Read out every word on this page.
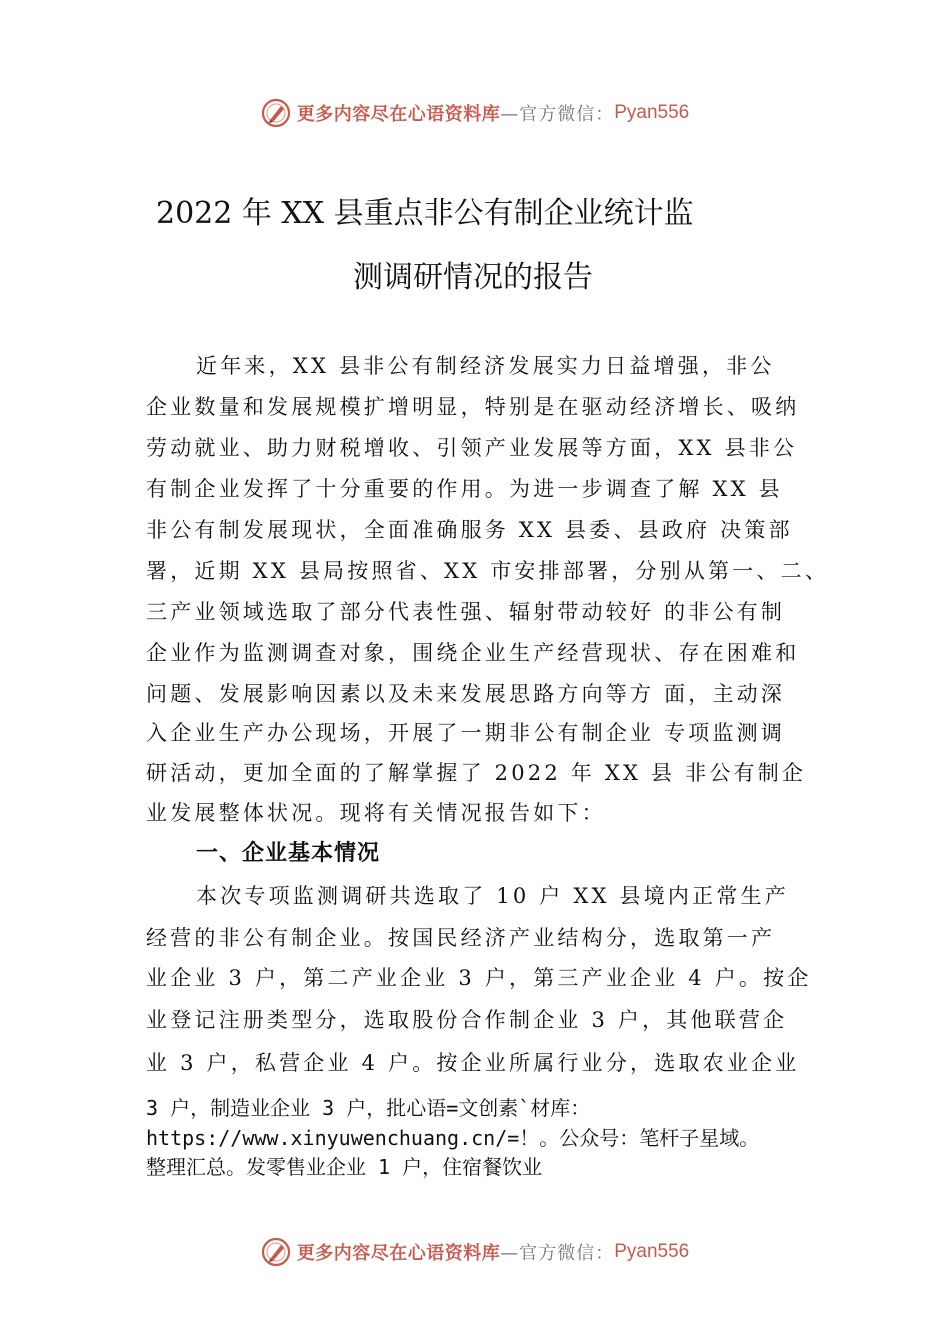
更多内容尽在心语资料库 —官方微信： Pyan556
2022 年 XX 县重点非公有制企业统计监
测调研情况的报告
近年来，XX 县非公有制经济发展实力日益增强，非公
企业数量和发展规模扩增明显，特别是在驱动经济增长、吸纳
劳动就业、助力财税增收、引领产业发展等方面，XX 县非公
有制企业发挥了十分重要的作用。为进一步调查了解 XX 县
非公有制发展现状，全面准确服务 XX 县委、县政府 决策部
署，近期 XX 县局按照省、XX 市安排部署，分别从第一、二、
三产业领域选取了部分代表性强、辐射带动较好 的非公有制
企业作为监测调查对象，围绕企业生产经营现状、存在困难和
问题、发展影响因素以及未来发展思路方向等方 面，主动深
入企业生产办公现场，开展了一期非公有制企业 专项监测调
研活动，更加全面的了解掌握了 2022 年 XX 县 非公有制企
业发展整体状况。现将有关情况报告如下：
一、企业基本情况
本次专项监测调研共选取了 10 户 XX 县境内正常生产
经营的非公有制企业。按国民经济产业结构分，选取第一产
业企业 3 户，第二产业企业 3 户，第三产业企业 4 户。按企
业登记注册类型分，选取股份合作制企业 3 户，其他联营企
业 3 户，私营企业 4 户。按企业所属行业分，选取农业企业
3 户，制造业企业 3 户，批心语=文创素`材库：
https://www.xinyuwenchuang.cn/=！。公众号：笔杆子星域。
整理汇总。发零售业企业 1 户，住宿餐饮业
更多内容尽在心语资料库 —官方微信： Pyan556
